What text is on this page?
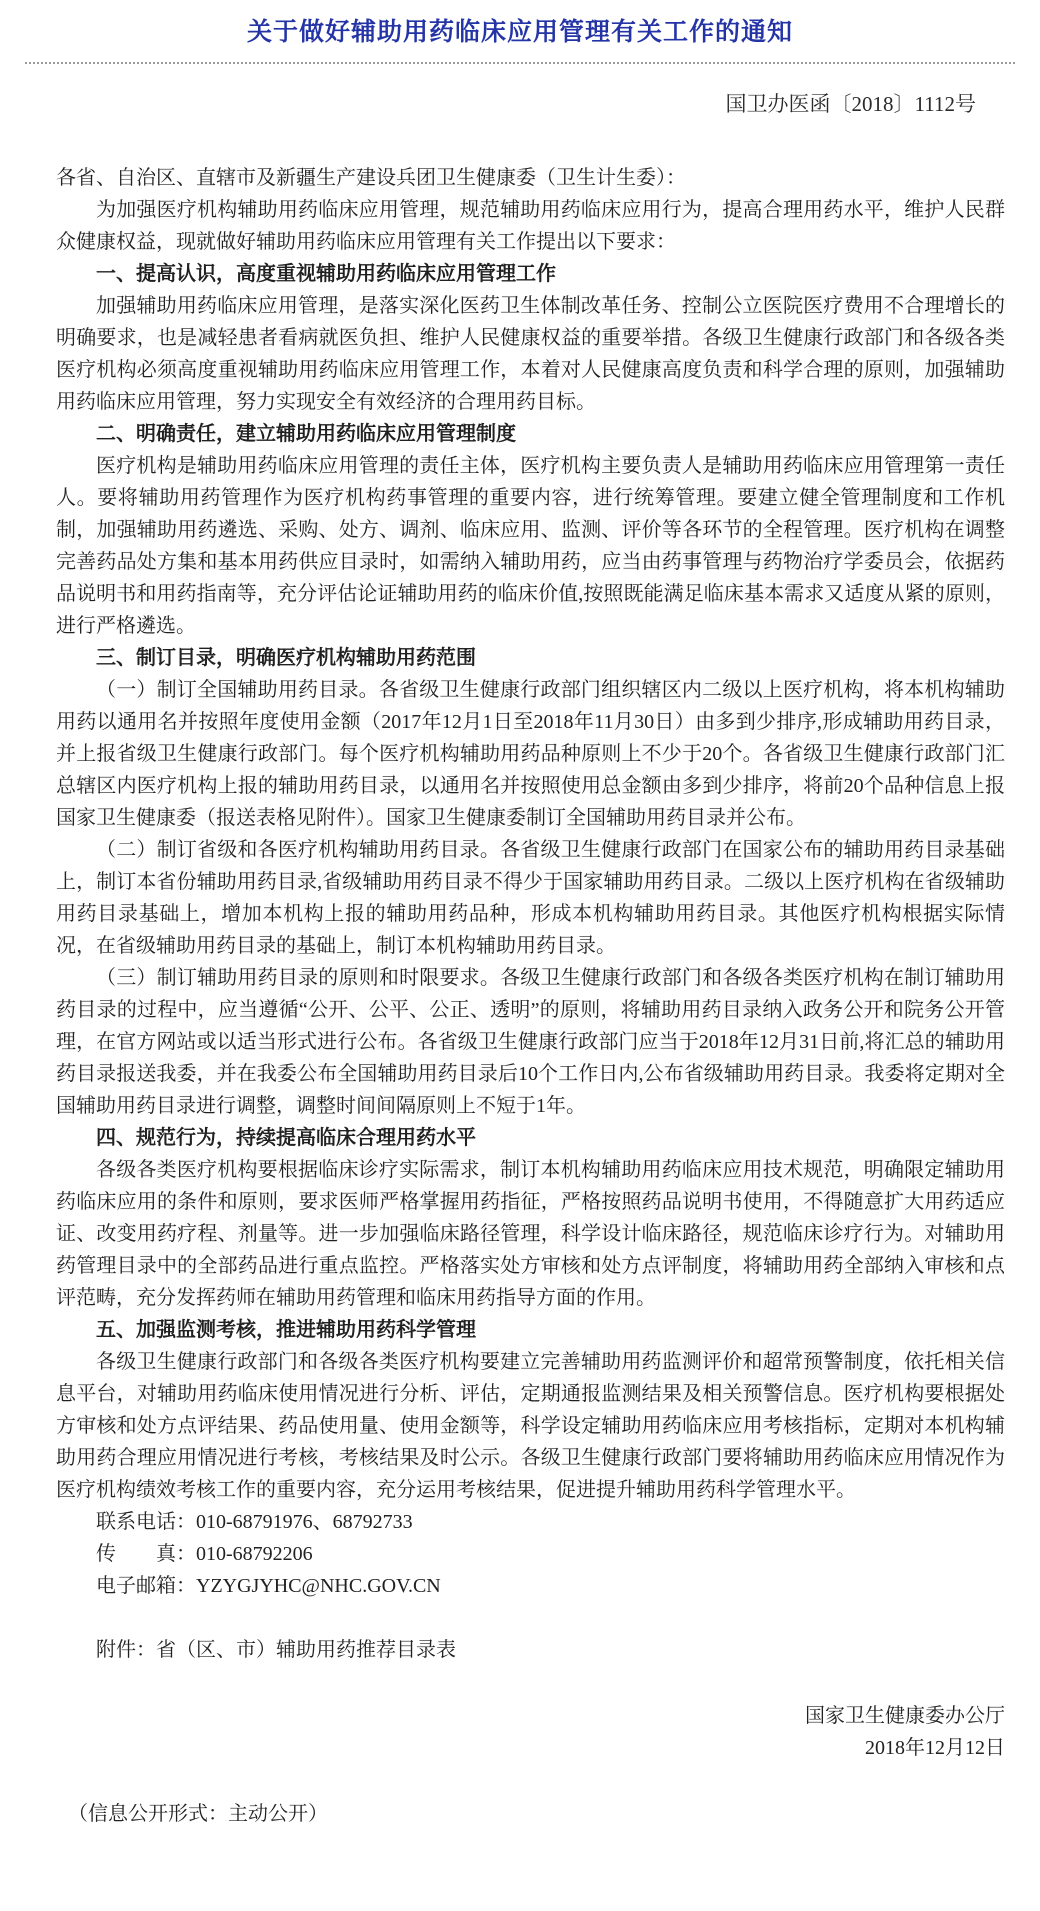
关于做好辅助用药临床应用管理有关工作的通知
国卫办医函〔2018〕1112号

各省、自治区、直辖市及新疆生产建设兵团卫生健康委（卫生计生委）：

为加强医疗机构辅助用药临床应用管理，规范辅助用药临床应用行为，提高合理用药水平，维护人民群众健康权益，现就做好辅助用药临床应用管理有关工作提出以下要求：

一、提高认识，高度重视辅助用药临床应用管理工作

加强辅助用药临床应用管理，是落实深化医药卫生体制改革任务、控制公立医院医疗费用不合理增长的明确要求，也是减轻患者看病就医负担、维护人民健康权益的重要举措。各级卫生健康行政部门和各级各类医疗机构必须高度重视辅助用药临床应用管理工作，本着对人民健康高度负责和科学合理的原则，加强辅助用药临床应用管理，努力实现安全有效经济的合理用药目标。

二、明确责任，建立辅助用药临床应用管理制度

医疗机构是辅助用药临床应用管理的责任主体，医疗机构主要负责人是辅助用药临床应用管理第一责任人。要将辅助用药管理作为医疗机构药事管理的重要内容，进行统筹管理。要建立健全管理制度和工作机制，加强辅助用药遴选、采购、处方、调剂、临床应用、监测、评价等各环节的全程管理。医疗机构在调整完善药品处方集和基本用药供应目录时，如需纳入辅助用药，应当由药事管理与药物治疗学委员会，依据药品说明书和用药指南等，充分评估论证辅助用药的临床价值,按照既能满足临床基本需求又适度从紧的原则，进行严格遴选。

三、制订目录，明确医疗机构辅助用药范围

（一）制订全国辅助用药目录。各省级卫生健康行政部门组织辖区内二级以上医疗机构，将本机构辅助用药以通用名并按照年度使用金额（2017年12月1日至2018年11月30日）由多到少排序,形成辅助用药目录，并上报省级卫生健康行政部门。每个医疗机构辅助用药品种原则上不少于20个。各省级卫生健康行政部门汇总辖区内医疗机构上报的辅助用药目录，以通用名并按照使用总金额由多到少排序，将前20个品种信息上报国家卫生健康委（报送表格见附件）。国家卫生健康委制订全国辅助用药目录并公布。

（二）制订省级和各医疗机构辅助用药目录。各省级卫生健康行政部门在国家公布的辅助用药目录基础上，制订本省份辅助用药目录,省级辅助用药目录不得少于国家辅助用药目录。二级以上医疗机构在省级辅助用药目录基础上，增加本机构上报的辅助用药品种，形成本机构辅助用药目录。其他医疗机构根据实际情况，在省级辅助用药目录的基础上，制订本机构辅助用药目录。

（三）制订辅助用药目录的原则和时限要求。各级卫生健康行政部门和各级各类医疗机构在制订辅助用药目录的过程中，应当遵循“公开、公平、公正、透明”的原则，将辅助用药目录纳入政务公开和院务公开管理，在官方网站或以适当形式进行公布。各省级卫生健康行政部门应当于2018年12月31日前,将汇总的辅助用药目录报送我委，并在我委公布全国辅助用药目录后10个工作日内,公布省级辅助用药目录。我委将定期对全国辅助用药目录进行调整，调整时间间隔原则上不短于1年。

四、规范行为，持续提高临床合理用药水平

各级各类医疗机构要根据临床诊疗实际需求，制订本机构辅助用药临床应用技术规范，明确限定辅助用药临床应用的条件和原则，要求医师严格掌握用药指征，严格按照药品说明书使用，不得随意扩大用药适应证、改变用药疗程、剂量等。进一步加强临床路径管理，科学设计临床路径，规范临床诊疗行为。对辅助用药管理目录中的全部药品进行重点监控。严格落实处方审核和处方点评制度，将辅助用药全部纳入审核和点评范畴，充分发挥药师在辅助用药管理和临床用药指导方面的作用。

五、加强监测考核，推进辅助用药科学管理

各级卫生健康行政部门和各级各类医疗机构要建立完善辅助用药监测评价和超常预警制度，依托相关信息平台，对辅助用药临床使用情况进行分析、评估，定期通报监测结果及相关预警信息。医疗机构要根据处方审核和处方点评结果、药品使用量、使用金额等，科学设定辅助用药临床应用考核指标，定期对本机构辅助用药合理应用情况进行考核，考核结果及时公示。各级卫生健康行政部门要将辅助用药临床应用情况作为医疗机构绩效考核工作的重要内容，充分运用考核结果，促进提升辅助用药科学管理水平。

联系电话：010-68791976、68792733

传　　真：010-68792206

电子邮箱：YZYGJYHC@NHC.GOV.CN

附件：省（区、市）辅助用药推荐目录表

国家卫生健康委办公厅

2018年12月12日

（信息公开形式：主动公开）
